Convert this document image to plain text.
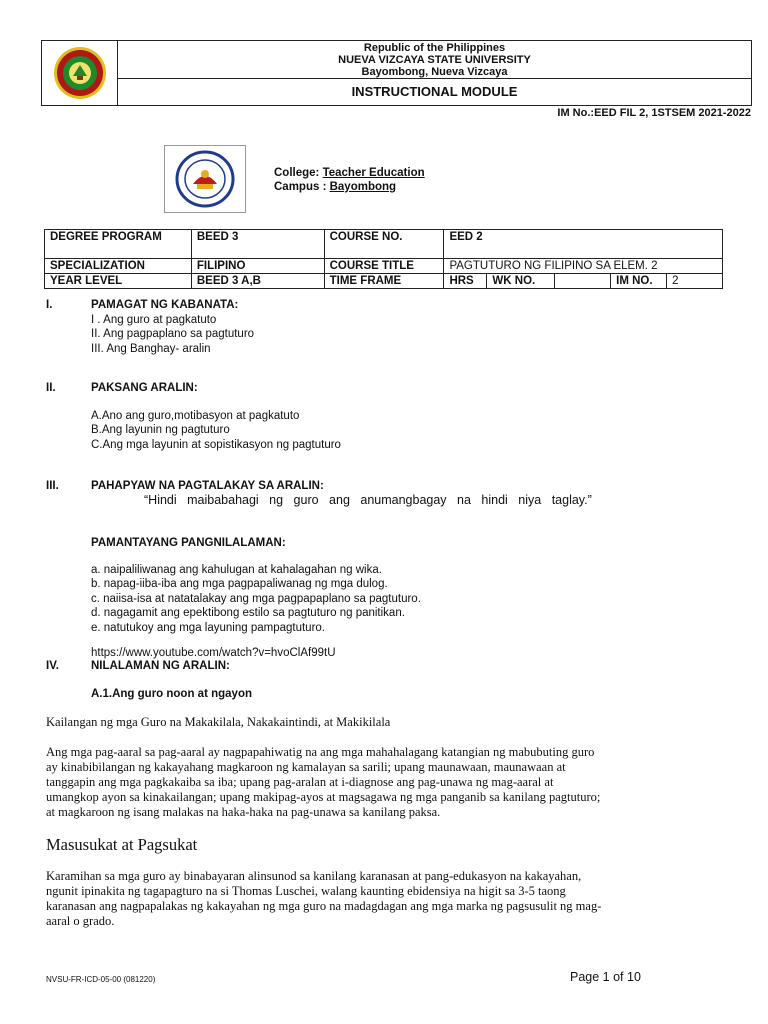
Republic of the Philippines
NUEVA VIZCAYA STATE UNIVERSITY
Bayombong, Nueva Vizcaya
INSTRUCTIONAL MODULE
IM No.:EED FIL 2, 1STSEM 2021-2022
College: Teacher Education
Campus : Bayombong
DEGREE PROGRAM	BEED 3	COURSE NO.	EED 2				
SPECIALIZATION	FILIPINO	COURSE TITLE	PAGTUTURO NG FILIPINO SA ELEM. 2				
YEAR LEVEL	BEED 3 A,B	TIME FRAME	HRS	WK NO.		IM NO.	2
I.	PAMAGAT NG KABANATA:
I . Ang guro at pagkatuto
II. Ang pagpaplano sa pagtuturo
III. Ang Banghay- aralin
II.	PAKSANG ARALIN:
A.Ano ang guro,motibasyon at pagkatuto
B.Ang layunin ng pagtuturo
C.Ang mga layunin at sopistikasyon ng pagtuturo
III.	PAHAPYAW NA PAGTALAKAY SA ARALIN:
“Hindi maibabahagi ng guro ang anumangbagay na hindi niya taglay.”
PAMANTAYANG PANGNILALAMAN:
a. naipaliliwanag ang kahulugan at kahalagahan ng wika.
b. napag-iiba-iba ang mga pagpapaliwanag ng mga dulog.
c. naiisa-isa at natatalakay ang mga pagpapaplano sa pagtuturo.
d. nagagamit ang epektibong estilo sa pagtuturo ng panitikan.
e. natutukoy ang mga layuning pampagtuturo.
https://www.youtube.com/watch?v=hvoClAf99tU
IV.	NILALAMAN NG ARALIN:
A.1.Ang guro noon at ngayon
Kailangan ng mga Guro na Makakilala, Nakakaintindi, at Makikilala
Ang mga pag-aaral sa pag-aaral ay nagpapahiwatig na ang mga mahahalagang katangian ng mabubuting guro
ay kinabibilangan ng kakayahang magkaroon ng kamalayan sa sarili; upang maunawaan, maunawaan at
tanggapin ang mga pagkakaiba sa iba; upang pag-aralan at i-diagnose ang pag-unawa ng mag-aaral at
umangkop ayon sa kinakailangan; upang makipag-ayos at magsagawa ng mga panganib sa kanilang pagtuturo;
at magkaroon ng isang malakas na haka-haka na pag-unawa sa kanilang paksa.
Masusukat at Pagsukat
Karamihan sa mga guro ay binabayaran alinsunod sa kanilang karanasan at pang-edukasyon na kakayahan,
ngunit ipinakita ng tagapagturo na si Thomas Luschei, walang kaunting ebidensiya na higit sa 3-5 taong
karanasan ang nagpapalakas ng kakayahan ng mga guro na madagdagan ang mga marka ng pagsusulit ng mag-
aaral o grado.
NVSU-FR-ICD-05-00 (081220)	Page 1 of 10
